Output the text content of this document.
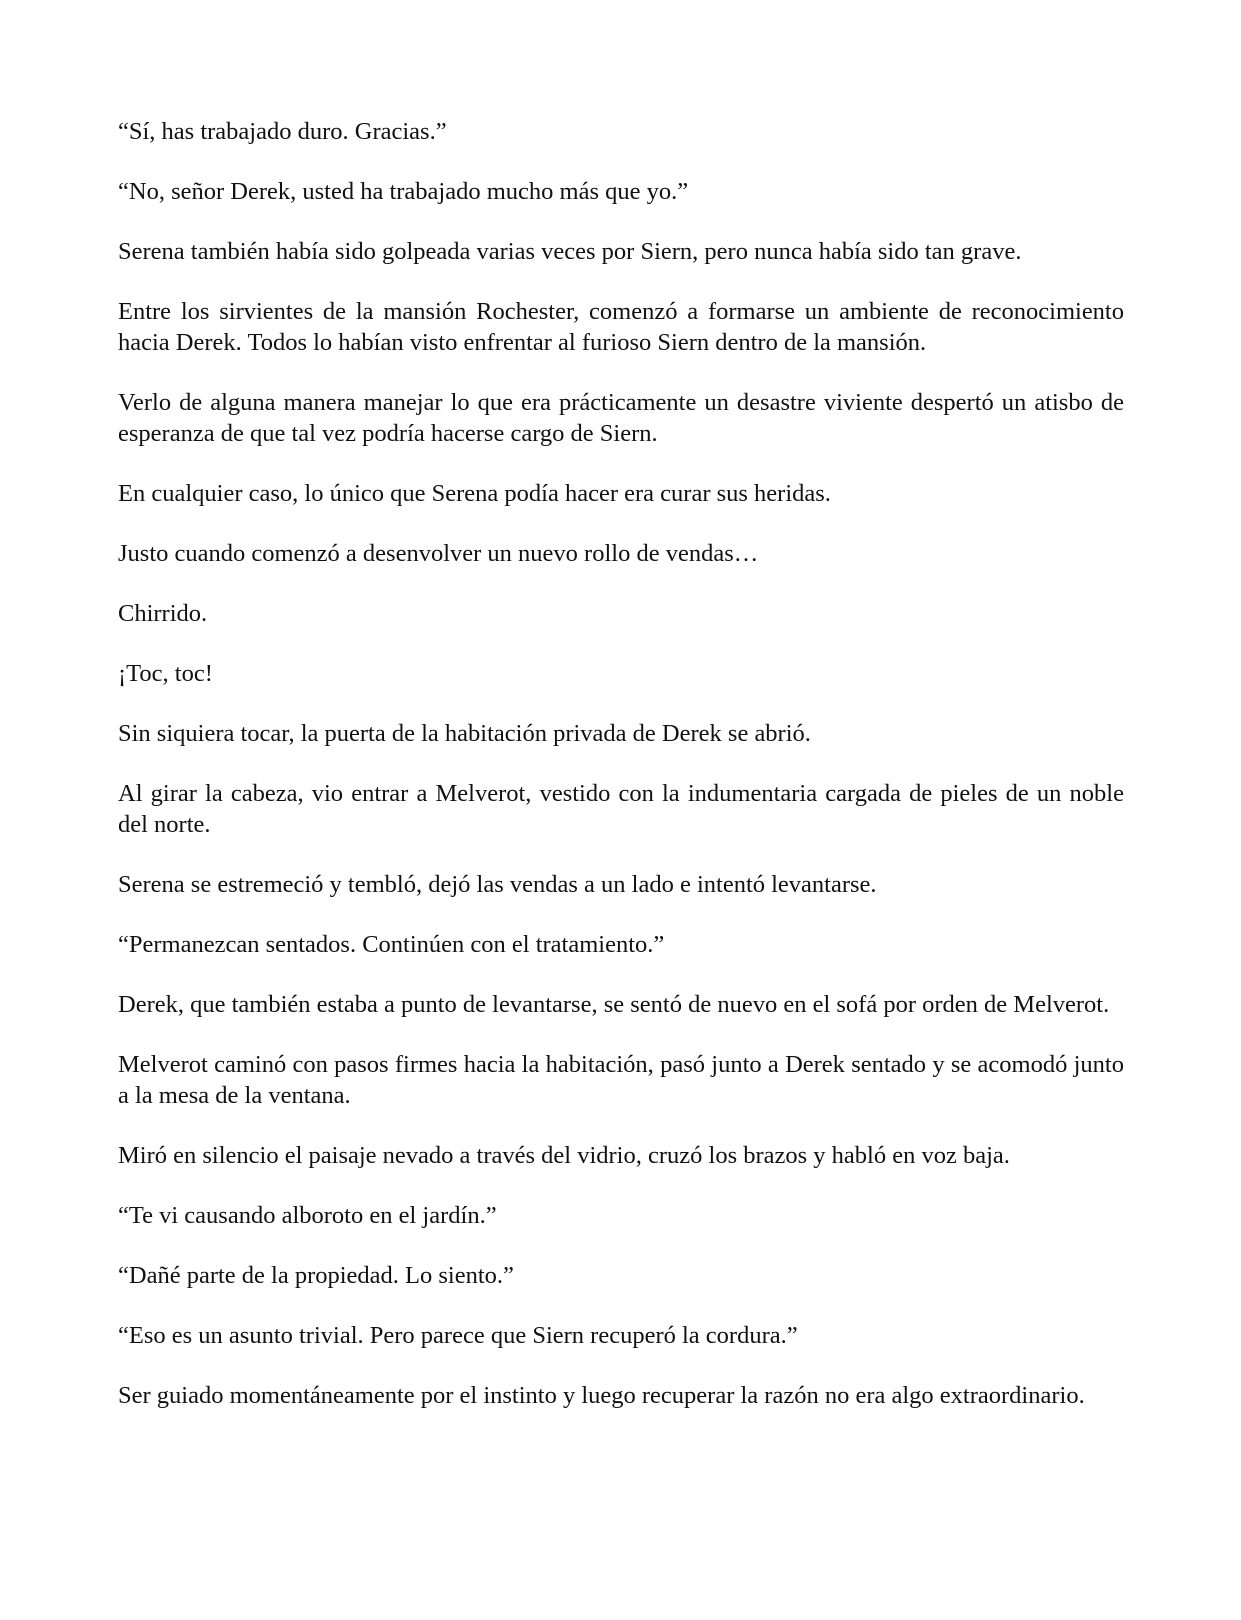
“Sí, has trabajado duro. Gracias.”

“No, señor Derek, usted ha trabajado mucho más que yo.”

Serena también había sido golpeada varias veces por Siern, pero nunca había sido tan grave.

Entre los sirvientes de la mansión Rochester, comenzó a formarse un ambiente de reconocimiento hacia Derek. Todos lo habían visto enfrentar al furioso Siern dentro de la mansión.

Verlo de alguna manera manejar lo que era prácticamente un desastre viviente despertó un atisbo de esperanza de que tal vez podría hacerse cargo de Siern.

En cualquier caso, lo único que Serena podía hacer era curar sus heridas.

Justo cuando comenzó a desenvolver un nuevo rollo de vendas…

Chirrido.

¡Toc, toc!

Sin siquiera tocar, la puerta de la habitación privada de Derek se abrió.

Al girar la cabeza, vio entrar a Melverot, vestido con la indumentaria cargada de pieles de un noble del norte.

Serena se estremeció y tembló, dejó las vendas a un lado e intentó levantarse.

“Permanezcan sentados. Continúen con el tratamiento.”

Derek, que también estaba a punto de levantarse, se sentó de nuevo en el sofá por orden de Melverot.

Melverot caminó con pasos firmes hacia la habitación, pasó junto a Derek sentado y se acomodó junto a la mesa de la ventana.

Miró en silencio el paisaje nevado a través del vidrio, cruzó los brazos y habló en voz baja.

“Te vi causando alboroto en el jardín.”

“Dañé parte de la propiedad. Lo siento.”

“Eso es un asunto trivial. Pero parece que Siern recuperó la cordura.”

Ser guiado momentáneamente por el instinto y luego recuperar la razón no era algo extraordinario.
